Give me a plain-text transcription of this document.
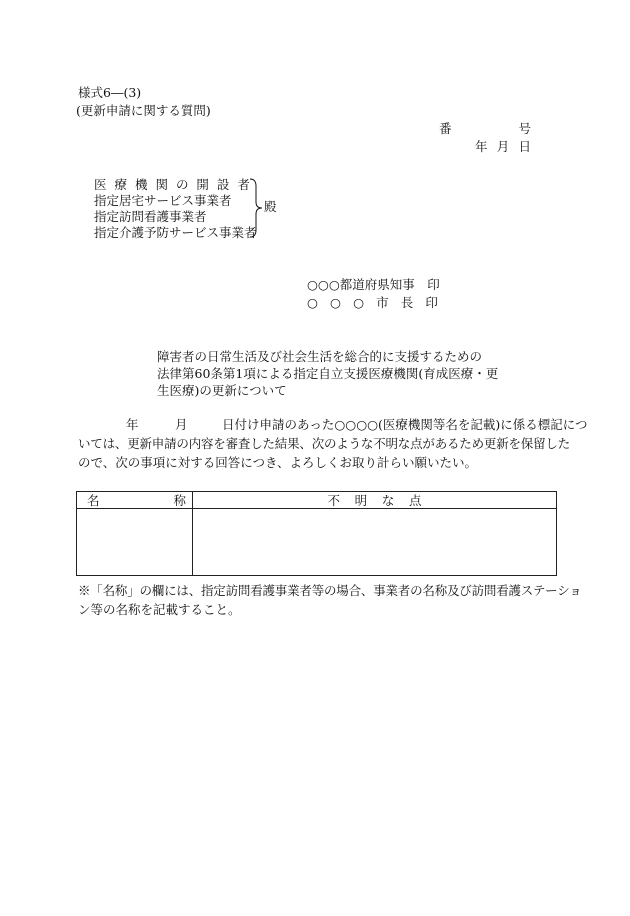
様式6―(3)
(更新申請に関する質問)
番	号
年 月 日
医 療 機 関 の 開 設 者
指定居宅サービス事業者
指定訪問看護事業者
指定介護予防サービス事業者
殿
○○○都道府県知事　印
○ ○ ○ 市 長 印
障害者の日常生活及び社会生活を総合的に支援するための
法律第60条第1項による指定自立支援医療機関(育成医療・更
生医療)の更新について
年	月	日付け申請のあった○○○○(医療機関等名を記載)に係る標記につ
いては、更新申請の内容を審査した結果、次のような不明な点があるため更新を保留した
ので、次の事項に対する回答につき、よろしくお取り計らい願いたい。
名 称	不 明 な 点

※「名称」の欄には、指定訪問看護事業者等の場合、事業者の名称及び訪問看護ステーショ
ン等の名称を記載すること。
